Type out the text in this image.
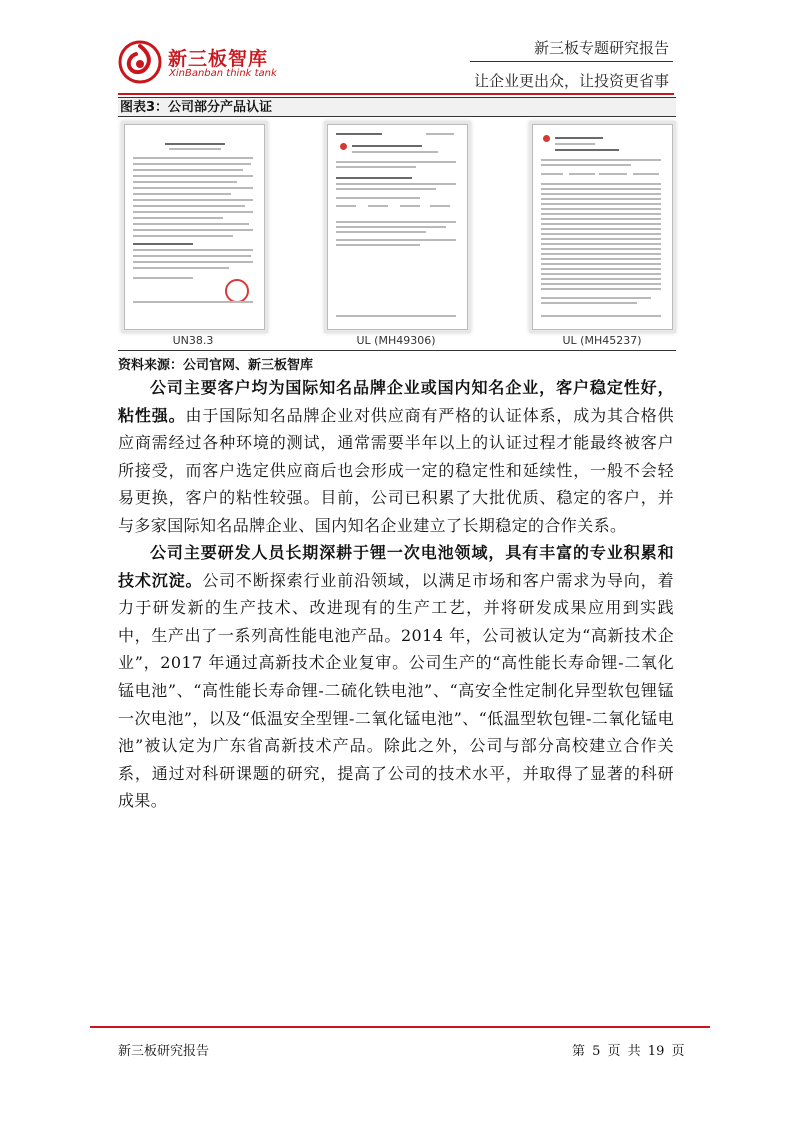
新三板智库
XinBanban think tank
新三板专题研究报告
让企业更出众，让投资更省事
图表3：公司部分产品认证
UN38.3	UL (MH49306)	UL (MH45237)
资料来源：公司官网、新三板智库
公司主要客户均为国际知名品牌企业或国内知名企业，客户稳定性好，粘性强。由于国际知名品牌企业对供应商有严格的认证体系，成为其合格供应商需经过各种环境的测试，通常需要半年以上的认证过程才能最终被客户所接受，而客户选定供应商后也会形成一定的稳定性和延续性，一般不会轻易更换，客户的粘性较强。目前，公司已积累了大批优质、稳定的客户，并与多家国际知名品牌企业、国内知名企业建立了长期稳定的合作关系。
公司主要研发人员长期深耕于锂一次电池领域，具有丰富的专业积累和技术沉淀。公司不断探索行业前沿领域，以满足市场和客户需求为导向，着力于研发新的生产技术、改进现有的生产工艺，并将研发成果应用到实践中，生产出了一系列高性能电池产品。2014 年，公司被认定为“高新技术企业”，2017 年通过高新技术企业复审。公司生产的“高性能长寿命锂-二氧化锰电池”、“高性能长寿命锂-二硫化铁电池”、“高安全性定制化异型软包锂锰一次电池”，以及“低温安全型锂-二氧化锰电池”、“低温型软包锂-二氧化锰电池”被认定为广东省高新技术产品。除此之外，公司与部分高校建立合作关系，通过对科研课题的研究，提高了公司的技术水平，并取得了显著的科研成果。
新三板研究报告	第 5 页 共 19 页
